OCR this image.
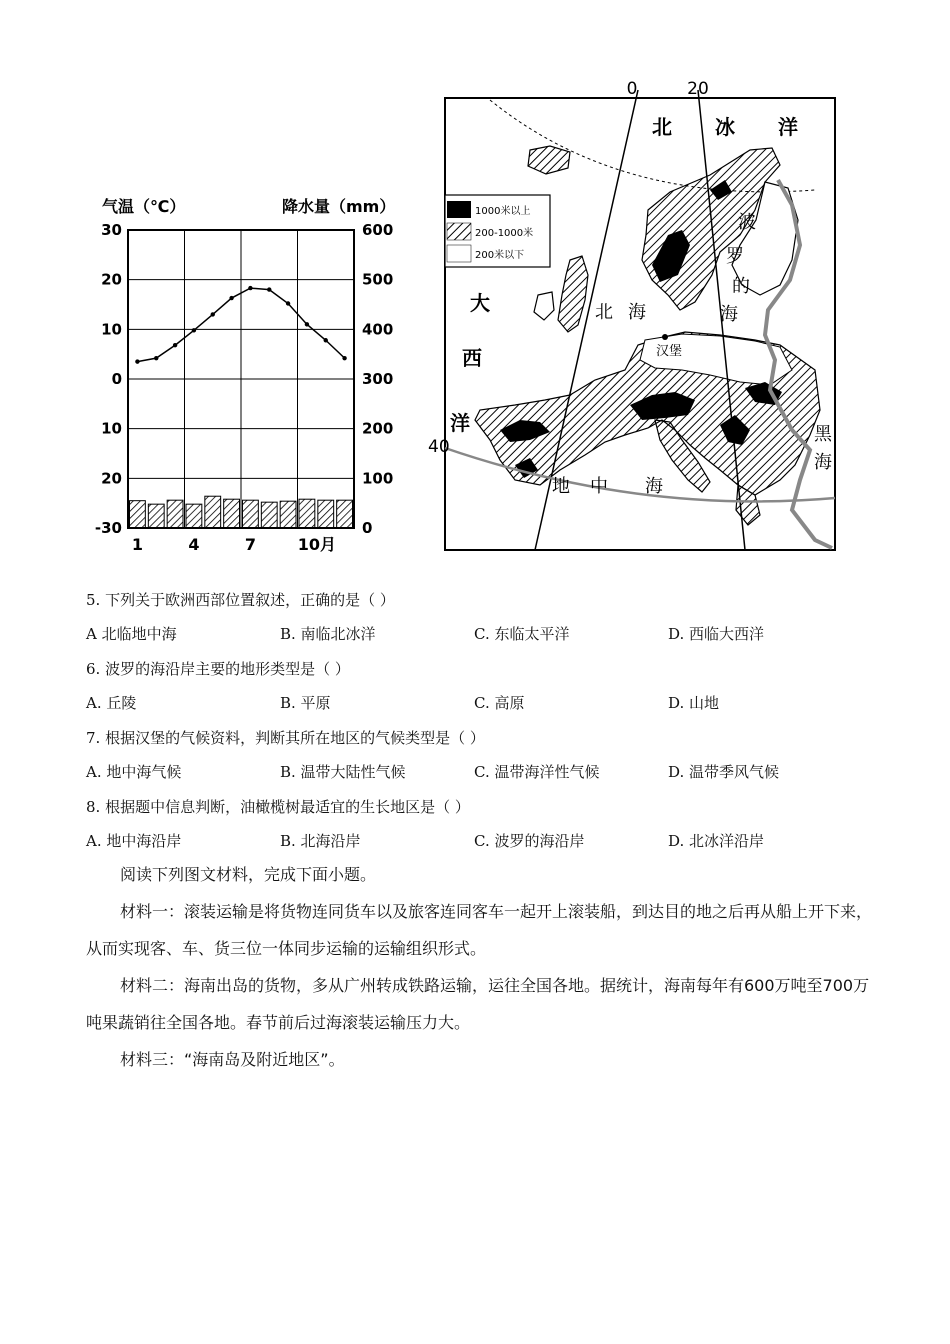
气温（℃）	降水量（mm）
30
20
10
0
10
20
-30
600
500
400
300
200
100
0
1	4	7	10月
1000米以上
200-1000米
200米以下
0	20
40
北 冰 洋
大
西
洋
北 海
波
罗
的
海
地 中 海
黑
海
汉堡
5. 下列关于欧洲西部位置叙述，正确的是（ ）
A 北临地中海	B. 南临北冰洋	C. 东临太平洋	D. 西临大西洋
6. 波罗的海沿岸主要的地形类型是（ ）
A. 丘陵	B. 平原	C. 高原	D. 山地
7. 根据汉堡的气候资料，判断其所在地区的气候类型是（ ）
A. 地中海气候	B. 温带大陆性气候	C. 温带海洋性气候	D. 温带季风气候
8. 根据题中信息判断，油橄榄树最适宜的生长地区是（ ）
A. 地中海沿岸	B. 北海沿岸	C. 波罗的海沿岸	D. 北冰洋沿岸

阅读下列图文材料，完成下面小题。

材料一：滚装运输是将货物连同货车以及旅客连同客车一起开上滚装船，到达目的地之后再从船上开下来，从而实现客、车、货三位一体同步运输的运输组织形式。

材料二：海南出岛的货物，多从广州转成铁路运输，运往全国各地。据统计，海南每年有600万吨至700万吨果蔬销往全国各地。春节前后过海滚装运输压力大。

材料三：“海南岛及附近地区”。
